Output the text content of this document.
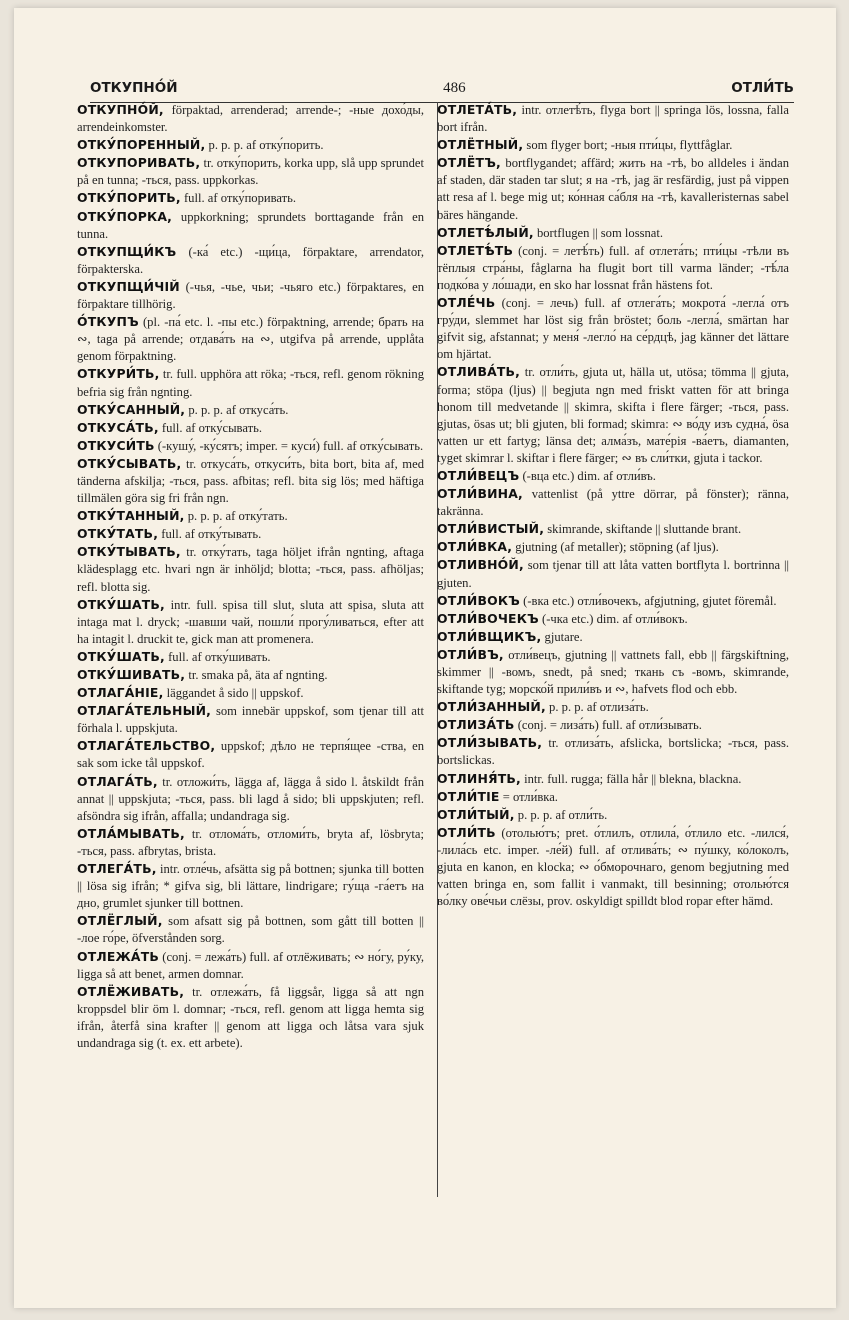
ОТКУПНО́Й	486	ОТЛИ́ТЬ

ОТКУПНО́Й, förpaktad, arrenderad; arrende-; -ные дохо́ды, arrendeinkomster.

ОТКУ́ПОРЕННЫЙ, p. p. p. af отку́порить.

ОТКУПОРИВАТЬ, tr. отку́порить, korka upp, slå upp sprundet på en tunna; -ться, pass. uppkorkas.

ОТКУ́ПОРИТЬ, full. af отку́поривать.

ОТКУ́ПОРКА, uppkorkning; sprundets borttagande från en tunna.

ОТКУПЩИ́КЪ (-ка́ etc.) -щи́ца, förpaktare, arrendator, förpakterska.

ОТКУПЩИ́ЧІЙ (-чья, -чье, чьи; -чьяго etc.) förpaktares, en förpaktare tillhörig.

О́ТКУПЪ (pl. -па́ etc. l. -пы etc.) förpaktning, arrende; брать на ∾, taga på arrende; отдава́ть на ∾, utgifva på arrende, upplåta genom förpaktning.

ОТКУРИ́ТЬ, tr. full. upphöra att röka; -ться, refl. genom rökning befria sig från ngnting.

ОТКУ́САННЫЙ, p. p. p. af откуса́ть.

ОТКУСА́ТЬ, full. af отку́сывать.

ОТКУСИ́ТЬ (-кушу́, -ку́сятъ; imper. = куси́) full. af отку́сывать.

ОТКУ́СЫВАТЬ, tr. откуса́ть, откуси́ть, bita bort, bita af, med tänderna afskilja; -ться, pass. afbitas; refl. bita sig lös; med häftiga tillmälen göra sig fri från ngn.

ОТКУ́ТАННЫЙ, p. p. p. af отку́тать.

ОТКУ́ТАТЬ, full. af отку́тывать.

ОТКУ́ТЫВАТЬ, tr. отку́тать, taga höljet ifrån ngnting, aftaga klädesplagg etc. hvari ngn är inhöljd; blotta; -ться, pass. afhöljas; refl. blotta sig.

ОТКУ́ШАТЬ, intr. full. spisa till slut, sluta att spisa, sluta att intaga mat l. dryck; -шавши чай, пошли́ прогу́ливаться, efter att ha intagit l. druckit te, gick man att promenera.

ОТКУ́ШАТЬ, full. af отку́шивать.

ОТКУ́ШИВАТЬ, tr. smaka på, äta af ngnting.

ОТЛАГА́НІЕ, läggandet å sido || uppskof.

ОТЛАГА́ТЕЛЬНЫЙ, som innebär uppskof, som tjenar till att förhala l. uppskjuta.

ОТЛАГА́ТЕЛЬСТВО, uppskof; дѣло не терпя́щее -ства, en sak som icke tål uppskof.

ОТЛАГА́ТЬ, tr. отложи́ть, lägga af, lägga å sido l. åtskildt från annat || uppskjuta; -ться, pass. bli lagd å sido; bli uppskjuten; refl. afsöndra sig ifrån, affalla; undandraga sig.

ОТЛА́МЫВАТЬ, tr. отлома́ть, отломи́ть, bryta af, lösbryta; -ться, pass. afbrytas, brista.

ОТЛЕГА́ТЬ, intr. отле́чь, afsätta sig på bottnen; sjunka till botten || lösa sig ifrån; * gifva sig, bli lättare, lindrigare; гу́ща -га́етъ на дно, grumlet sjunker till bottnen.

ОТЛЁГЛЫЙ, som afsatt sig på bottnen, som gått till botten || -лое го́ре, öfverstånden sorg.

ОТЛЕЖА́ТЬ (conj. = лежа́ть) full. af отлёживать; ∾ но́гу, ру́ку, ligga så att benet, armen domnar.

ОТЛЁЖИВАТЬ, tr. отлежа́ть, få liggsår, ligga så att ngn kroppsdel blir öm l. domnar; -ться, refl. genom att ligga hemta sig ifrån, återfå sina krafter || genom att ligga och låtsa vara sjuk undandraga sig (t. ex. ett arbete).

ОТЛЕТА́ТЬ, intr. отлетѣ́ть, flyga bort || springa lös, lossna, falla bort ifrån.

ОТЛЁТНЫЙ, som flyger bort; -ныя пти́цы, flyttfåglar.

ОТЛЁТЪ, bortflygandet; affärd; жить на -тѣ, bo alldeles i ändan af staden, där staden tar slut; я на -тѣ, jag är resfärdig, just på vippen att resa af l. bege mig ut; ко́нная са́бля на -тѣ, kavalleristernas sabel bäres hängande.

ОТЛЕТѢ́ЛЫЙ, bortflugen || som lossnat.

ОТЛЕТѢ́ТЬ (conj. = летѣ́ть) full. af отлета́ть; пти́цы -тѣли въ тёплыя стра́ны, fåglarna ha flugit bort till varma länder; -тѣ́ла подко́ва у ло́шади, en sko har lossnat från hästens fot.

ОТЛЕ́ЧЬ (conj. = лечь) full. af отлега́ть; мокрота́ -легла́ отъ гру́ди, slemmet har löst sig från bröstet; боль -легла́, smärtan har gifvit sig, afstannat; у меня́ -легло́ на се́рдцѣ, jag känner det lättare om hjärtat.

ОТЛИВА́ТЬ, tr. отли́ть, gjuta ut, hälla ut, utösa; tömma || gjuta, forma; stöpa (ljus) || begjuta ngn med friskt vatten för att bringa honom till medvetande || skimra, skifta i flere färger; -ться, pass. gjutas, ösas ut; bli gjuten, bli formad; skimra: ∾ во́ду изъ судна́, ösa vatten ur ett fartyg; länsa det; алма́зъ, мате́рія -ва́етъ, diamanten, tyget skimrar l. skiftar i flere färger; ∾ въ сли́тки, gjuta i tackor.

ОТЛИ́ВЕЦЪ (-вца etc.) dim. af отли́въ.

ОТЛИ́ВИНА, vattenlist (på yttre dörrar, på fönster); ränna, takränna.

ОТЛИ́ВИСТЫЙ, skimrande, skiftande || sluttande brant.

ОТЛИ́ВКА, gjutning (af metaller); stöpning (af ljus).

ОТЛИВНО́Й, som tjenar till att låta vatten bortflyta l. bortrinna || gjuten.

ОТЛИ́ВОКЪ (-вка etc.) отли́вочекъ, afgjutning, gjutet föremål.

ОТЛИ́ВОЧЕКЪ (-чка etc.) dim. af отли́вокъ.

ОТЛИ́ВЩИКЪ, gjutare.

ОТЛИ́ВЪ, отли́вецъ, gjutning || vattnets fall, ebb || färgskiftning, skimmer || -вомъ, snedt, på sned; ткань съ -вомъ, skimrande, skiftande tyg; морско́й прили́въ и ∾, hafvets flod och ebb.

ОТЛИ́ЗАННЫЙ, p. p. p. af отлиза́ть.

ОТЛИЗА́ТЬ (conj. = лиза́ть) full. af отли́зывать.

ОТЛИ́ЗЫВАТЬ, tr. отлиза́ть, afslicka, bortslicka; -ться, pass. bortslickas.

ОТЛИНЯ́ТЬ, intr. full. rugga; fälla hår || blekna, blackna.

ОТЛИ́ТІЕ = отли́вка.

ОТЛИ́ТЫЙ, p. p. p. af отли́ть.

ОТЛИ́ТЬ (отолью́тъ; pret. о́тлилъ, отлила́, о́тлило etc. -лился́, -лила́сь etc. imper. -ле́й) full. af отлива́ть; ∾ пу́шку, ко́локолъ, gjuta en kanon, en klocka; ∾ о́бморочнаго, genom begjutning med vatten bringa en, som fallit i vanmakt, till besinning; отолью́тся во́лку ове́чьи слёзы, prov. oskyldigt spilldt blod ropar efter hämd.
